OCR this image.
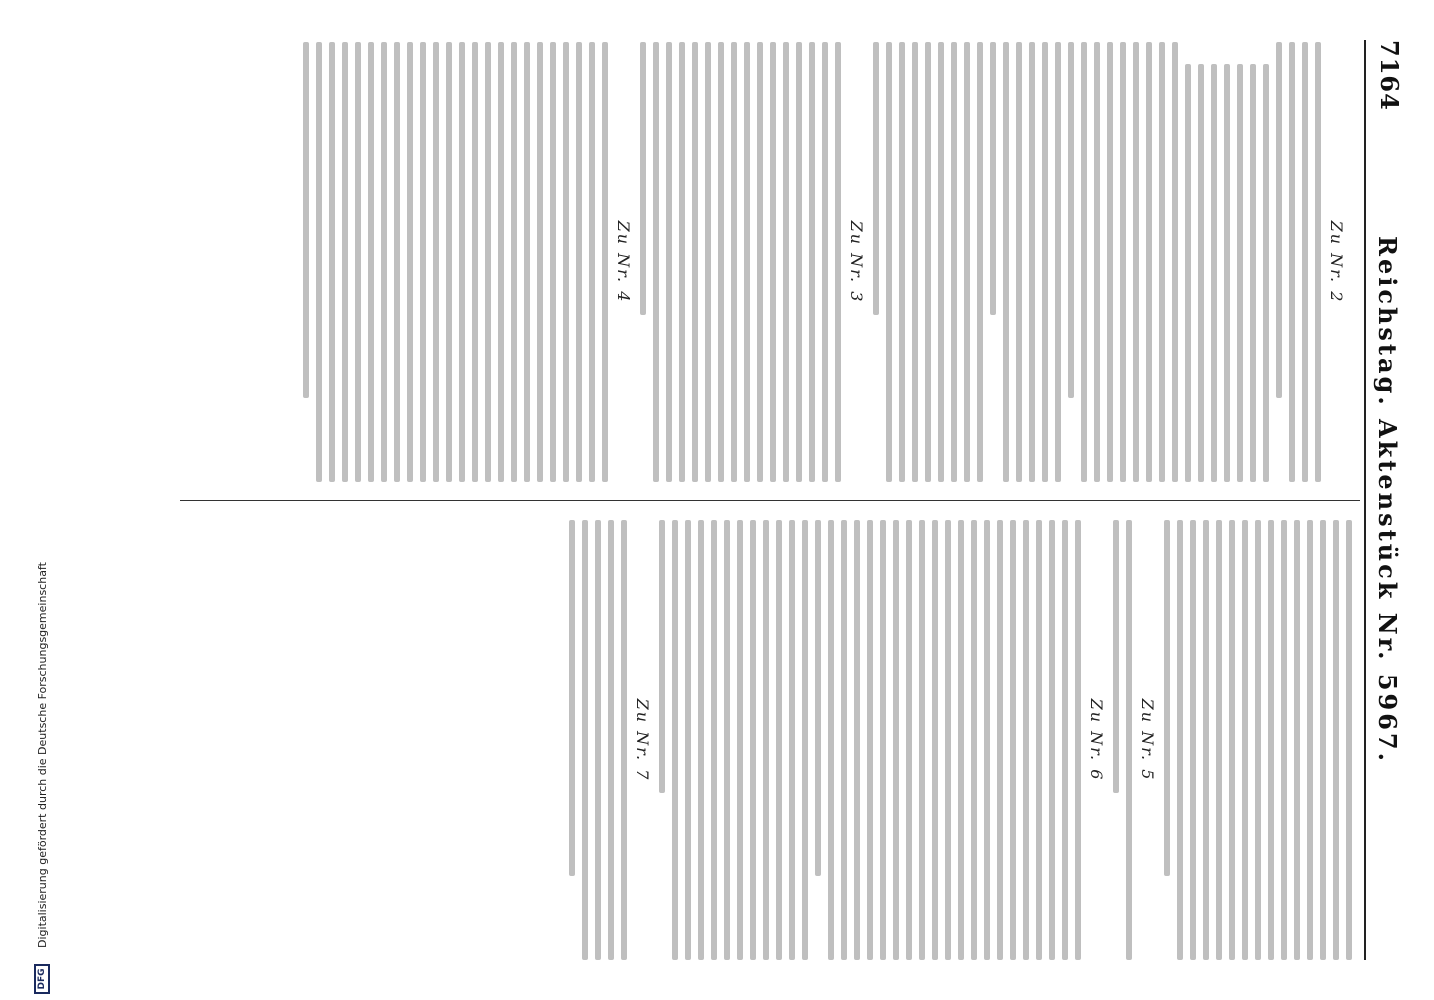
7164
Reichstag. Aktenstück Nr. 5967.
Zu Nr. 2
Zu Nr. 3
Zu Nr. 4
Zu Nr. 5
Zu Nr. 6
Zu Nr. 7
DFG
Digitalisierung gefördert durch die Deutsche Forschungsgemeinschaft
